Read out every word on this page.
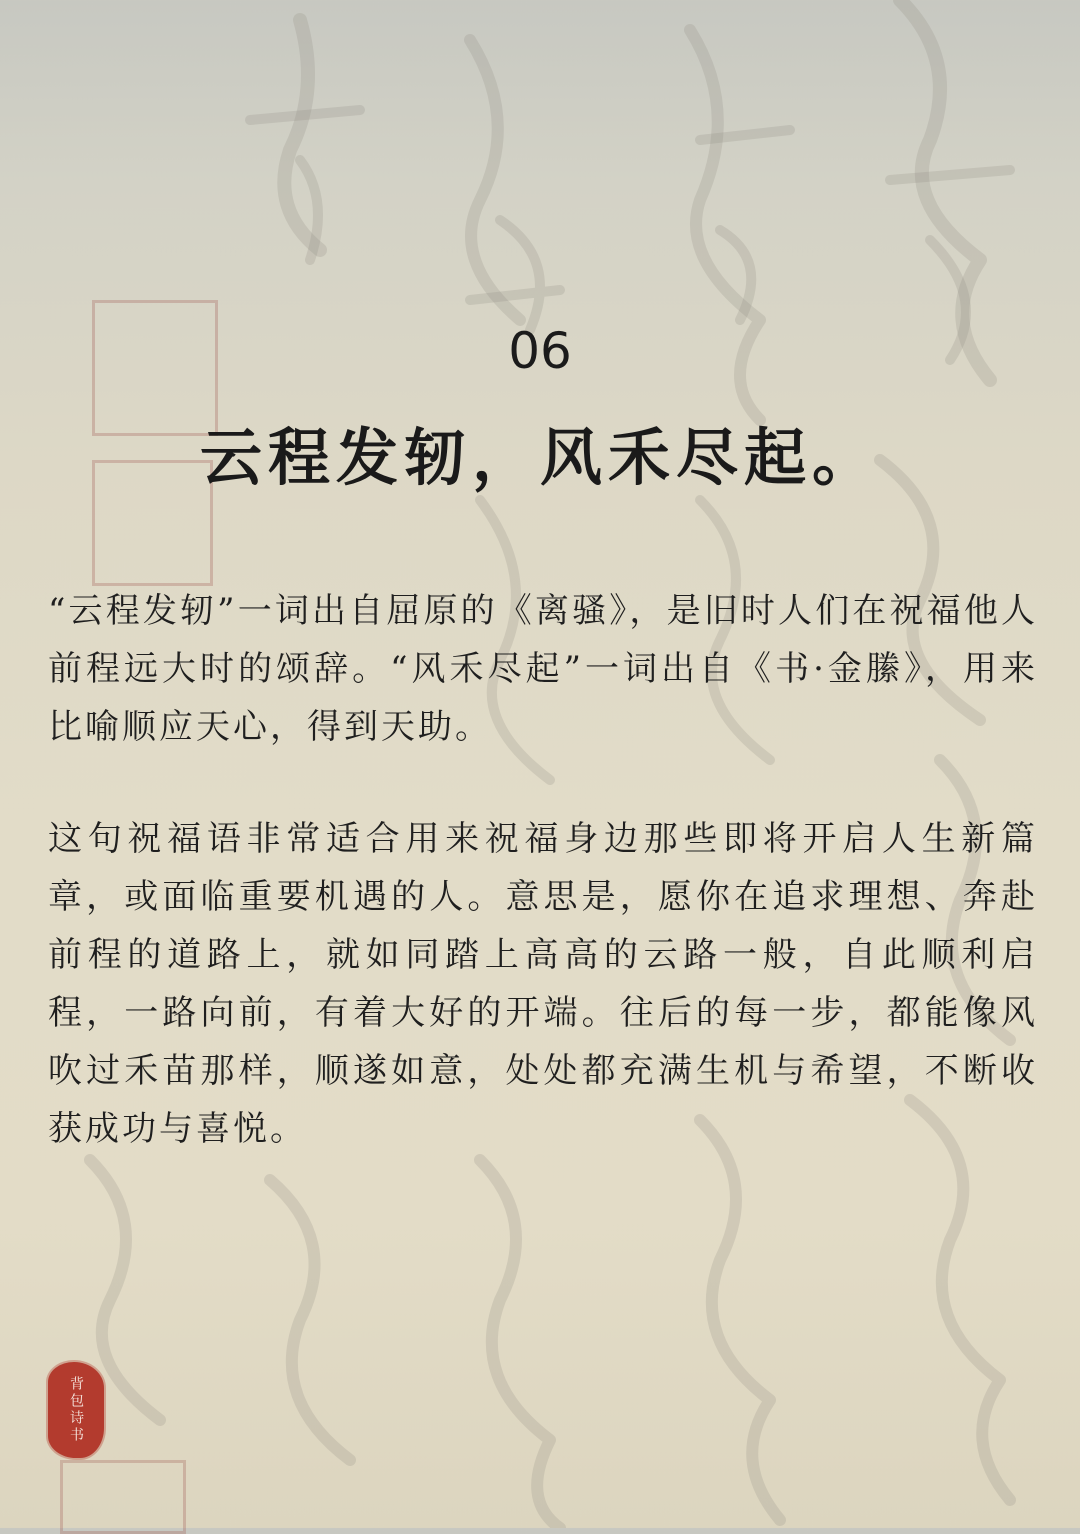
06
云程发轫，风禾尽起。

“云程发轫”一词出自屈原的《离骚》，是旧时人们在祝福他人前程远大时的颂辞。“风禾尽起”一词出自《书·金縢》，用来比喻顺应天心，得到天助。

这句祝福语非常适合用来祝福身边那些即将开启人生新篇章，或面临重要机遇的人。意思是，愿你在追求理想、奔赴前程的道路上，就如同踏上高高的云路一般，自此顺利启程，一路向前，有着大好的开端。往后的每一步，都能像风吹过禾苗那样，顺遂如意，处处都充满生机与希望，不断收获成功与喜悦。

背包诗书
